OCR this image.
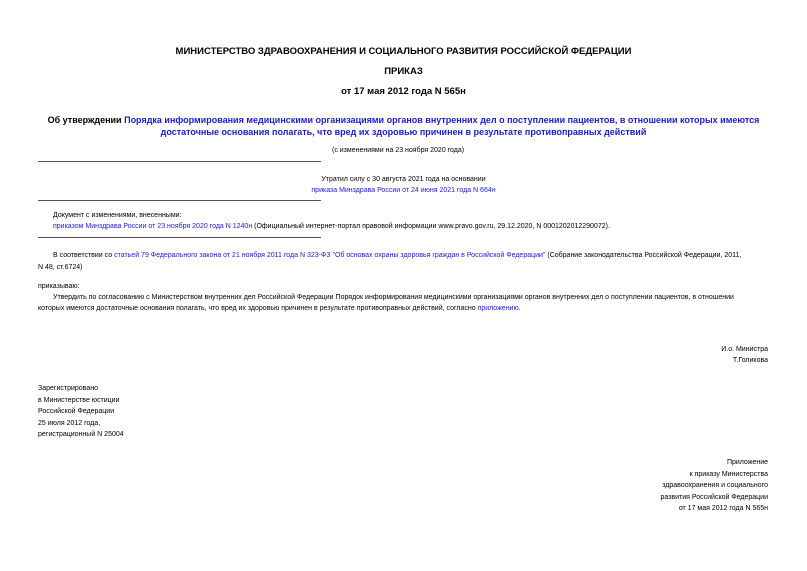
МИНИСТЕРСТВО ЗДРАВООХРАНЕНИЯ И СОЦИАЛЬНОГО РАЗВИТИЯ РОССИЙСКОЙ ФЕДЕРАЦИИ
ПРИКАЗ
от 17 мая 2012 года N 565н
Об утверждении Порядка информирования медицинскими организациями органов внутренних дел о поступлении пациентов, в отношении которых имеются
достаточные основания полагать, что вред их здоровью причинен в результате противоправных действий
(с изменениями на 23 ноября 2020 года)
Утратил силу с 30 августа 2021 года на основании
приказа Минздрава России от 24 июня 2021 года N 664н
Документ с изменениями, внесенными:
приказом Минздрава России от 23 ноября 2020 года N 1240н (Официальный интернет-портал правовой информации www.pravo.gov.ru, 29.12.2020, N 0001202012290072).
В соответствии со статьей 79 Федерального закона от 21 ноября 2011 года N 323-ФЗ "Об основах охраны здоровья граждан в Российской Федерации" (Собрание законодательства Российской Федерации, 2011,
N 48, ст.6724)
приказываю:
Утвердить по согласованию с Министерством внутренних дел Российской Федерации Порядок информирования медицинскими организациями органов внутренних дел о поступлении пациентов, в отношении
которых имеются достаточные основания полагать, что вред их здоровью причинен в результате противоправных действий, согласно приложению.
И.о. Министра
Т.Голикова
Зарегистрировано
в Министерстве юстиции
Российской Федерации
25 июля 2012 года,
регистрационный N 25004
Приложение
к приказу Министерства
здравоохранения и социального
развития Российской Федерации
от 17 мая 2012 года N 565н
